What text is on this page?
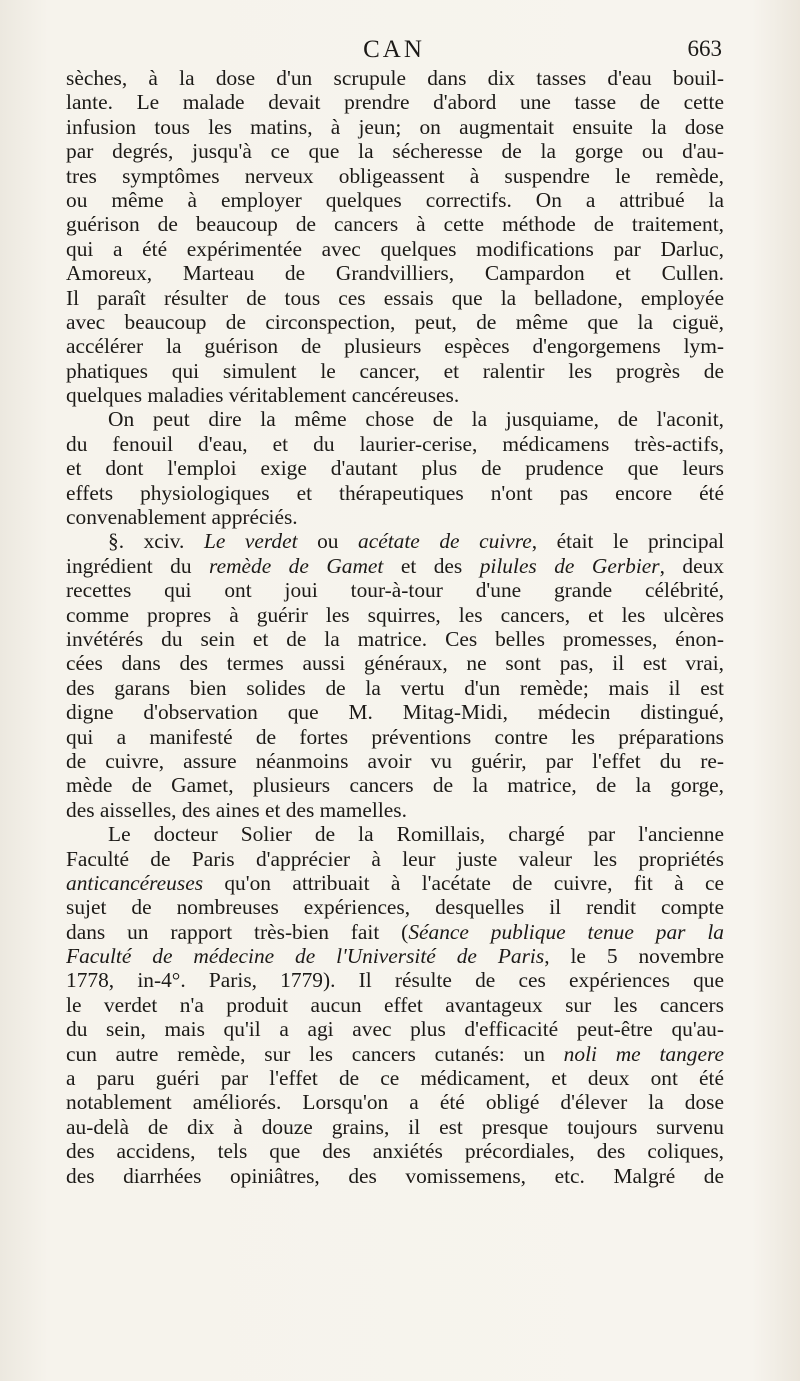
CAN	663
sèches, à la dose d'un scrupule dans dix tasses d'eau bouil-
lante. Le malade devait prendre d'abord une tasse de cette
infusion tous les matins, à jeun; on augmentait ensuite la dose
par degrés, jusqu'à ce que la sécheresse de la gorge ou d'au-
tres symptômes nerveux obligeassent à suspendre le remède,
ou même à employer quelques correctifs. On a attribué la
guérison de beaucoup de cancers à cette méthode de traitement,
qui a été expérimentée avec quelques modifications par Darluc,
Amoreux, Marteau de Grandvilliers, Campardon et Cullen.
Il paraît résulter de tous ces essais que la belladone, employée
avec beaucoup de circonspection, peut, de même que la ciguë,
accélérer la guérison de plusieurs espèces d'engorgemens lym-
phatiques qui simulent le cancer, et ralentir les progrès de
quelques maladies véritablement cancéreuses.
On peut dire la même chose de la jusquiame, de l'aconit,
du fenouil d'eau, et du laurier-cerise, médicamens très-actifs,
et dont l'emploi exige d'autant plus de prudence que leurs
effets physiologiques et thérapeutiques n'ont pas encore été
convenablement appréciés.
§. xciv. Le verdet ou acétate de cuivre, était le principal
ingrédient du remède de Gamet et des pilules de Gerbier, deux
recettes qui ont joui tour-à-tour d'une grande célébrité,
comme propres à guérir les squirres, les cancers, et les ulcères
invétérés du sein et de la matrice. Ces belles promesses, énon-
cées dans des termes aussi généraux, ne sont pas, il est vrai,
des garans bien solides de la vertu d'un remède; mais il est
digne d'observation que M. Mitag-Midi, médecin distingué,
qui a manifesté de fortes préventions contre les préparations
de cuivre, assure néanmoins avoir vu guérir, par l'effet du re-
mède de Gamet, plusieurs cancers de la matrice, de la gorge,
des aisselles, des aines et des mamelles.
Le docteur Solier de la Romillais, chargé par l'ancienne
Faculté de Paris d'apprécier à leur juste valeur les propriétés
anticancéreuses qu'on attribuait à l'acétate de cuivre, fit à ce
sujet de nombreuses expériences, desquelles il rendit compte
dans un rapport très-bien fait (Séance publique tenue par la
Faculté de médecine de l'Université de Paris, le 5 novembre
1778, in-4°. Paris, 1779). Il résulte de ces expériences que
le verdet n'a produit aucun effet avantageux sur les cancers
du sein, mais qu'il a agi avec plus d'efficacité peut-être qu'au-
cun autre remède, sur les cancers cutanés: un noli me tangere
a paru guéri par l'effet de ce médicament, et deux ont été
notablement améliorés. Lorsqu'on a été obligé d'élever la dose
au-delà de dix à douze grains, il est presque toujours survenu
des accidens, tels que des anxiétés précordiales, des coliques,
des diarrhées opiniâtres, des vomissemens, etc. Malgré de
